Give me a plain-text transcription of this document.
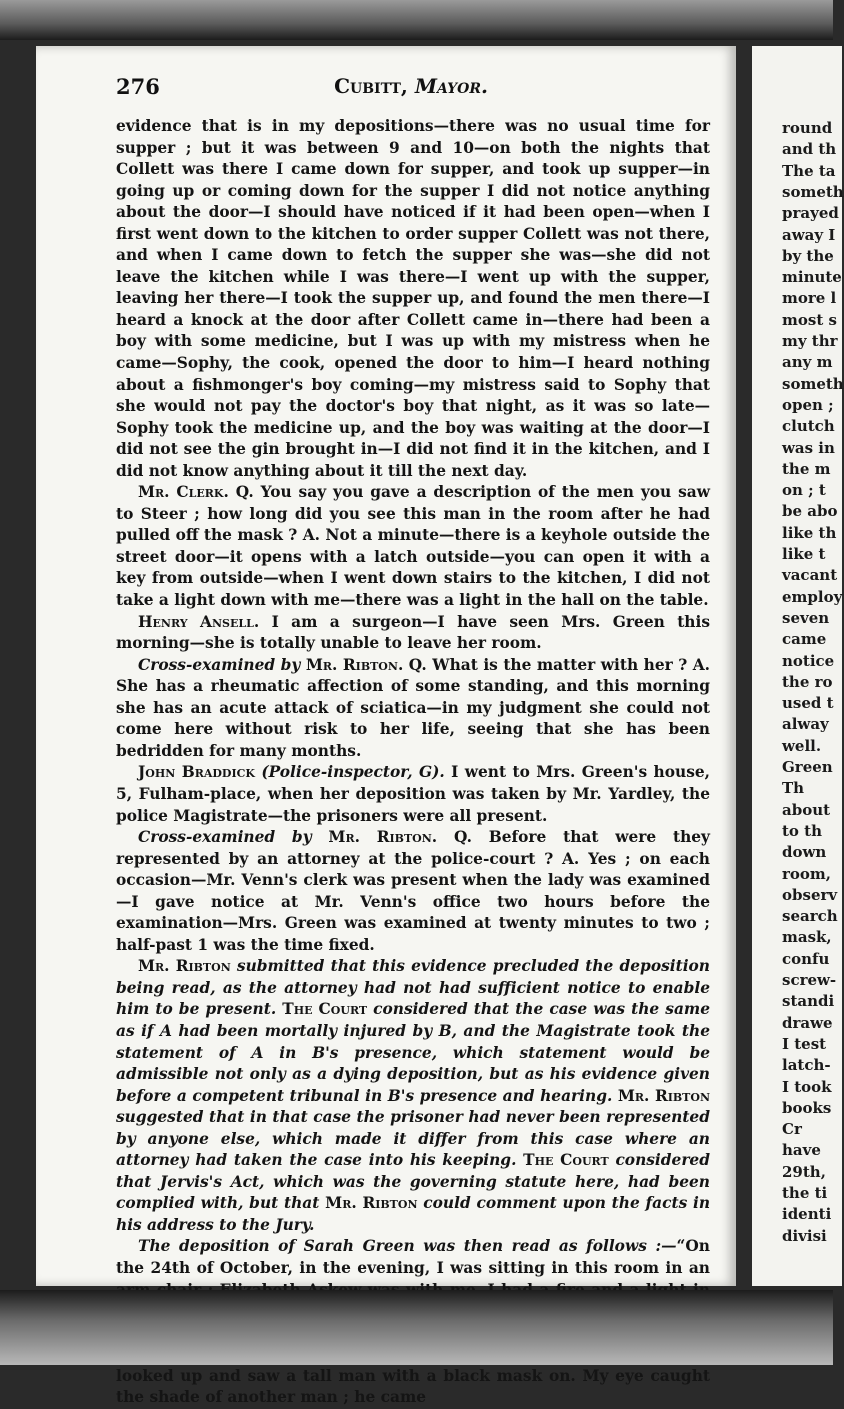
276	Cubitt, Mayor.

evidence that is in my depositions—there was no usual time for supper ; but it was between 9 and 10—on both the nights that Collett was there I came down for supper, and took up supper—in going up or coming down for the supper I did not notice anything about the door—I should have noticed if it had been open—when I first went down to the kitchen to order supper Collett was not there, and when I came down to fetch the supper she was—she did not leave the kitchen while I was there—I went up with the supper, leaving her there—I took the supper up, and found the men there—I heard a knock at the door after Collett came in—there had been a boy with some medicine, but I was up with my mistress when he came—Sophy, the cook, opened the door to him—I heard nothing about a fishmonger's boy coming—my mistress said to Sophy that she would not pay the doctor's boy that night, as it was so late—Sophy took the medicine up, and the boy was waiting at the door—I did not see the gin brought in—I did not find it in the kitchen, and I did not know anything about it till the next day.

Mr. Clerk. Q. You say you gave a description of the men you saw to Steer ; how long did you see this man in the room after he had pulled off the mask ? A. Not a minute—there is a keyhole outside the street door—it opens with a latch outside—you can open it with a key from outside—when I went down stairs to the kitchen, I did not take a light down with me—there was a light in the hall on the table.

Henry Ansell. I am a surgeon—I have seen Mrs. Green this morning—she is totally unable to leave her room.

Cross-examined by Mr. Ribton. Q. What is the matter with her ? A. She has a rheumatic affection of some standing, and this morning she has an acute attack of sciatica—in my judgment she could not come here without risk to her life, seeing that she has been bedridden for many months.

John Braddick (Police-inspector, G). I went to Mrs. Green's house, 5, Fulham-place, when her deposition was taken by Mr. Yardley, the police Magistrate—the prisoners were all present.

Cross-examined by Mr. Ribton. Q. Before that were they represented by an attorney at the police-court ? A. Yes ; on each occasion—Mr. Venn's clerk was present when the lady was examined—I gave notice at Mr. Venn's office two hours before the examination—Mrs. Green was examined at twenty minutes to two ; half-past 1 was the time fixed.

Mr. Ribton submitted that this evidence precluded the deposition being read, as the attorney had not had sufficient notice to enable him to be present. The Court considered that the case was the same as if A had been mortally injured by B, and the Magistrate took the statement of A in B's presence, which statement would be admissible not only as a dying deposition, but as his evidence given before a competent tribunal in B's presence and hearing. Mr. Ribton suggested that in that case the prisoner had never been represented by anyone else, which made it differ from this case where an attorney had taken the case into his keeping. The Court considered that Jervis's Act, which was the governing statute here, had been complied with, but that Mr. Ribton could comment upon the facts in his address to the Jury.

The deposition of Sarah Green was then read as follows :—“On the 24th of October, in the evening, I was sitting in this room in an looked up and saw a tall man with a black mask on. My eye caught the shade of another man ; he came

round
and th
The ta
someth
prayed
away I
by the
minute
more l
most s
my thr
any m
someth
open ;
clutch
was in
the m
on ; t
be abo
like th
like t
vacant
employ
seven
came
notice
the ro
used t
alway
well.
Green
Th
about
to th
down
room,
observ
search
mask,
confu
screw-
standi
drawe
I test
latch-
I took
books
Cr
have
29th,
the ti
identi
divisi
